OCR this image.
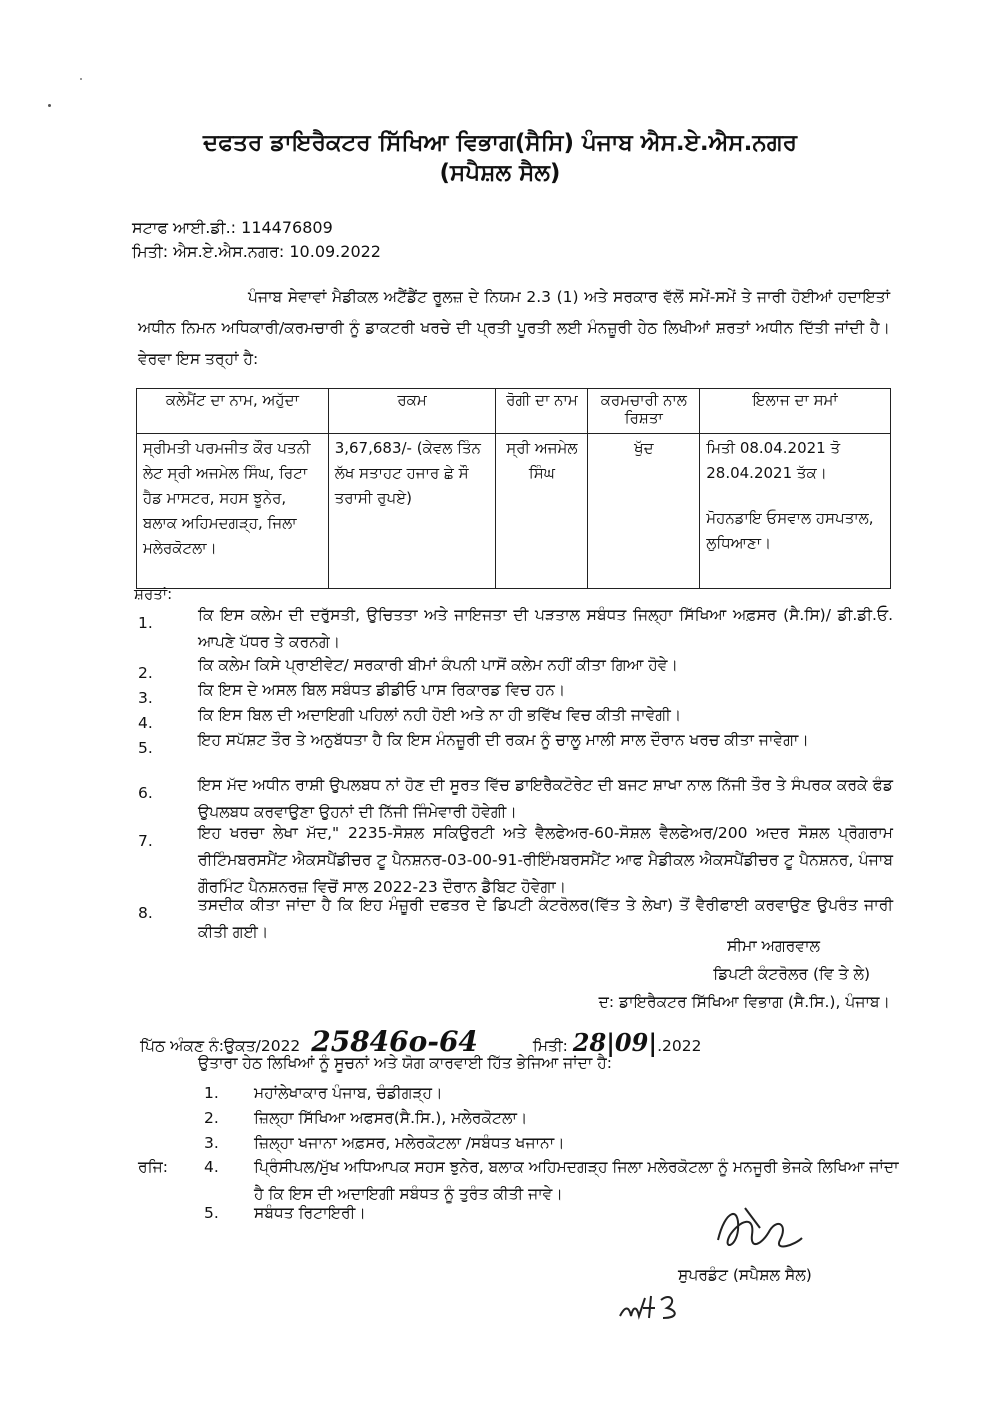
ਦਫਤਰ ਡਾਇਰੈਕਟਰ ਸਿੱਖਿਆ ਵਿਭਾਗ(ਸੈਸਿ) ਪੰਜਾਬ ਐਸ.ਏ.ਐਸ.ਨਗਰ
(ਸਪੈਸ਼ਲ ਸੈਲ)
ਸਟਾਫ ਆਈ.ਡੀ.: 114476809
ਮਿਤੀ: ਐਸ.ਏ.ਐਸ.ਨਗਰ: 10.09.2022
ਪੰਜਾਬ ਸੇਵਾਵਾਂ ਮੈਡੀਕਲ ਅਟੈਂਡੈਂਟ ਰੂਲਜ਼ ਦੇ ਨਿਯਮ 2.3 (1) ਅਤੇ ਸਰਕਾਰ ਵੱਲੋਂ ਸਮੇਂ-ਸਮੇਂ ਤੇ ਜਾਰੀ ਹੋਈਆਂ ਹਦਾਇਤਾਂ ਅਧੀਨ ਨਿਮਨ ਅਧਿਕਾਰੀ/ਕਰਮਚਾਰੀ ਨੂੰ ਡਾਕਟਰੀ ਖਰਚੇ ਦੀ ਪ੍ਰਤੀ ਪੂਰਤੀ ਲਈ ਮੰਨਜ਼ੂਰੀ ਹੇਠ ਲਿਖੀਆਂ ਸ਼ਰਤਾਂ ਅਧੀਨ ਦਿੱਤੀ ਜਾਂਦੀ ਹੈ। ਵੇਰਵਾ ਇਸ ਤਰ੍ਹਾਂ ਹੈ:
ਕਲੇਮੈਂਟ ਦਾ ਨਾਮ, ਅਹੁੱਦਾ	ਰਕਮ	ਰੋਗੀ ਦਾ ਨਾਮ	ਕਰਮਚਾਰੀ ਨਾਲ ਰਿਸ਼ਤਾ	ਇਲਾਜ ਦਾ ਸਮਾਂ
ਸ੍ਰੀਮਤੀ ਪਰਮਜੀਤ ਕੌਰ ਪਤਨੀ ਲੇਟ ਸ੍ਰੀ ਅਜਮੇਲ ਸਿੰਘ, ਰਿਟਾ ਹੈਡ ਮਾਸਟਰ, ਸਹਸ ਝੂਨੇਰ, ਬਲਾਕ ਅਹਿਮਦਗੜ੍ਹ, ਜਿਲਾ ਮਲੇਰਕੋਟਲਾ।	3,67,683/- (ਕੇਵਲ ਤਿੰਨ ਲੱਖ ਸਤਾਹਟ ਹਜਾਰ ਛੇ ਸੌ ਤਰਾਸੀ ਰੁਪਏ)	ਸ੍ਰੀ ਅਜਮੇਲ ਸਿੰਘ	ਖੁੱਦ	ਮਿਤੀ 08.04.2021 ਤੋ 28.04.2021 ਤੱਕ।
ਮੋਹਨਡਾਇ ਓਸਵਾਲ ਹਸਪਤਾਲ, ਲੁਧਿਆਣਾ।
ਸ਼ਰਤਾਂ:
1.	ਕਿ ਇਸ ਕਲੇਮ ਦੀ ਦਰੁੱਸਤੀ, ਉਚਿਤਤਾ ਅਤੇ ਜਾਇਜਤਾ ਦੀ ਪੜਤਾਲ ਸਬੰਧਤ ਜਿਲ੍ਹਾ ਸਿੱਖਿਆ ਅਫ਼ਸਰ (ਸੈ.ਸਿ)/ ਡੀ.ਡੀ.ਓ. ਆਪਣੇ ਪੱਧਰ ਤੇ ਕਰਨਗੇ।
2.	ਕਿ ਕਲੇਮ ਕਿਸੇ ਪ੍ਰਾਈਵੇਟ/ ਸਰਕਾਰੀ ਬੀਮਾਂ ਕੰਪਨੀ ਪਾਸੋਂ ਕਲੇਮ ਨਹੀਂ ਕੀਤਾ ਗਿਆ ਹੋਵੇ।
3.	ਕਿ ਇਸ ਦੇ ਅਸਲ ਬਿਲ ਸਬੰਧਤ ਡੀਡੀਓ ਪਾਸ ਰਿਕਾਰਡ ਵਿਚ ਹਨ।
4.	ਕਿ ਇਸ ਬਿਲ ਦੀ ਅਦਾਇਗੀ ਪਹਿਲਾਂ ਨਹੀ ਹੋਈ ਅਤੇ ਨਾ ਹੀ ਭਵਿੱਖ ਵਿਚ ਕੀਤੀ ਜਾਵੇਗੀ।
5.	ਇਹ ਸਪੱਸ਼ਟ ਤੌਰ ਤੇ ਅਨੁਬੱਧਤਾ ਹੈ ਕਿ ਇਸ ਮੰਨਜ਼ੂਰੀ ਦੀ ਰਕਮ ਨੂੰ ਚਾਲੂ ਮਾਲੀ ਸਾਲ ਦੌਰਾਨ ਖਰਚ ਕੀਤਾ ਜਾਵੇਗਾ।
6.	ਇਸ ਮੱਦ ਅਧੀਨ ਰਾਸ਼ੀ ਉਪਲਬਧ ਨਾਂ ਹੋਣ ਦੀ ਸੂਰਤ ਵਿੱਚ ਡਾਇਰੈਕਟੋਰੇਟ ਦੀ ਬਜਟ ਸ਼ਾਖਾ ਨਾਲ ਨਿੱਜੀ ਤੌਰ ਤੇ ਸੰਪਰਕ ਕਰਕੇ ਫੰਡ ਉਪਲਬਧ ਕਰਵਾਉਣਾ ਉਹਨਾਂ ਦੀ ਨਿੱਜੀ ਜਿੰਮੇਵਾਰੀ ਹੋਵੇਗੀ।
7.	ਇਹ ਖਰਚਾ ਲੇਖਾ ਮੱਦ," 2235-ਸੋਸ਼ਲ ਸਕਿਉਰਟੀ ਅਤੇ ਵੈਲਫੇਅਰ-60-ਸੋਸ਼ਲ ਵੈਲਫੇਅਰ/200 ਅਦਰ ਸੋਸ਼ਲ ਪ੍ਰੋਗਰਾਮ ਰੀਟਿੰਮਬਰਸਮੈਂਟ ਐਕਸਪੈਂਡੀਚਰ ਟੂ ਪੈਨਸ਼ਨਰ-03-00-91-ਰੀਇੰਮਬਰਸਮੈਂਟ ਆਫ ਮੈਡੀਕਲ ਐਕਸਪੈਂਡੀਚਰ ਟੂ ਪੈਨਸ਼ਨਰ, ਪੰਜਾਬ ਗੌਰਮਿੰਟ ਪੈਨਸ਼ਨਰਜ਼ ਵਿਚੋਂ ਸਾਲ 2022-23 ਦੌਰਾਨ ਡੈਬਿਟ ਹੋਵੇਗਾ।
8.	ਤਸਦੀਕ ਕੀਤਾ ਜਾਂਦਾ ਹੈ ਕਿ ਇਹ ਮੰਜ਼ੂਰੀ ਦਫਤਰ ਦੇ ਡਿਪਟੀ ਕੰਟਰੋਲਰ(ਵਿੱਤ ਤੇ ਲੇਖਾ) ਤੋਂ ਵੈਰੀਫਾਈ ਕਰਵਾਉਣ ਉਪਰੰਤ ਜਾਰੀ ਕੀਤੀ ਗਈ।
ਸੀਮਾ ਅਗਰਵਾਲ
ਡਿਪਟੀ ਕੰਟਰੋਲਰ (ਵਿ ਤੇ ਲੇ)
ਦ: ਡਾਇਰੈਕਟਰ ਸਿੱਖਿਆ ਵਿਭਾਗ (ਸੈ.ਸਿ.), ਪੰਜਾਬ।
ਪਿੱਠ ਅੰਕਣ ਨੰ:ਉਕਤ/2022 25846o-64	ਮਿਤੀ: 28|09|.2022
ਉਤਾਰਾ ਹੇਠ ਲਿਖਿਆਂ ਨੂੰ ਸੂਚਨਾਂ ਅਤੇ ਯੋਗ ਕਾਰਵਾਈ ਹਿੱਤ ਭੇਜਿਆ ਜਾਂਦਾ ਹੈ:
1. ਮਹਾਂਲੇਖਾਕਾਰ ਪੰਜਾਬ, ਚੰਡੀਗੜ੍ਹ।
2. ਜ਼ਿਲ੍ਹਾ ਸਿੱਖਿਆ ਅਫਸਰ(ਸੈ.ਸਿ.), ਮਲੇਰਕੋਟਲਾ।
3. ਜ਼ਿਲ੍ਹਾ ਖਜਾਨਾ ਅਫ਼ਸਰ, ਮਲੇਰਕੋਟਲਾ /ਸਬੰਧਤ ਖਜਾਨਾ।
ਰਜਿ: 4. ਪ੍ਰਿੰਸੀਪਲ/ਮੁੱਖ ਅਧਿਆਪਕ ਸਹਸ ਝੁਨੇਰ, ਬਲਾਕ ਅਹਿਮਦਗੜ੍ਹ ਜਿਲਾ ਮਲੇਰਕੋਟਲਾ ਨੂੰ ਮਨਜੂਰੀ ਭੇਜਕੇ ਲਿਖਿਆ ਜਾਂਦਾ ਹੈ ਕਿ ਇਸ ਦੀ ਅਦਾਇਗੀ ਸਬੰਧਤ ਨੂੰ ਤੁਰੰਤ ਕੀਤੀ ਜਾਵੇ।
5. ਸਬੰਧਤ ਰਿਟਾਇਰੀ।
ਸੁਪਰਡੰਟ (ਸਪੈਸ਼ਲ ਸੈਲ)
